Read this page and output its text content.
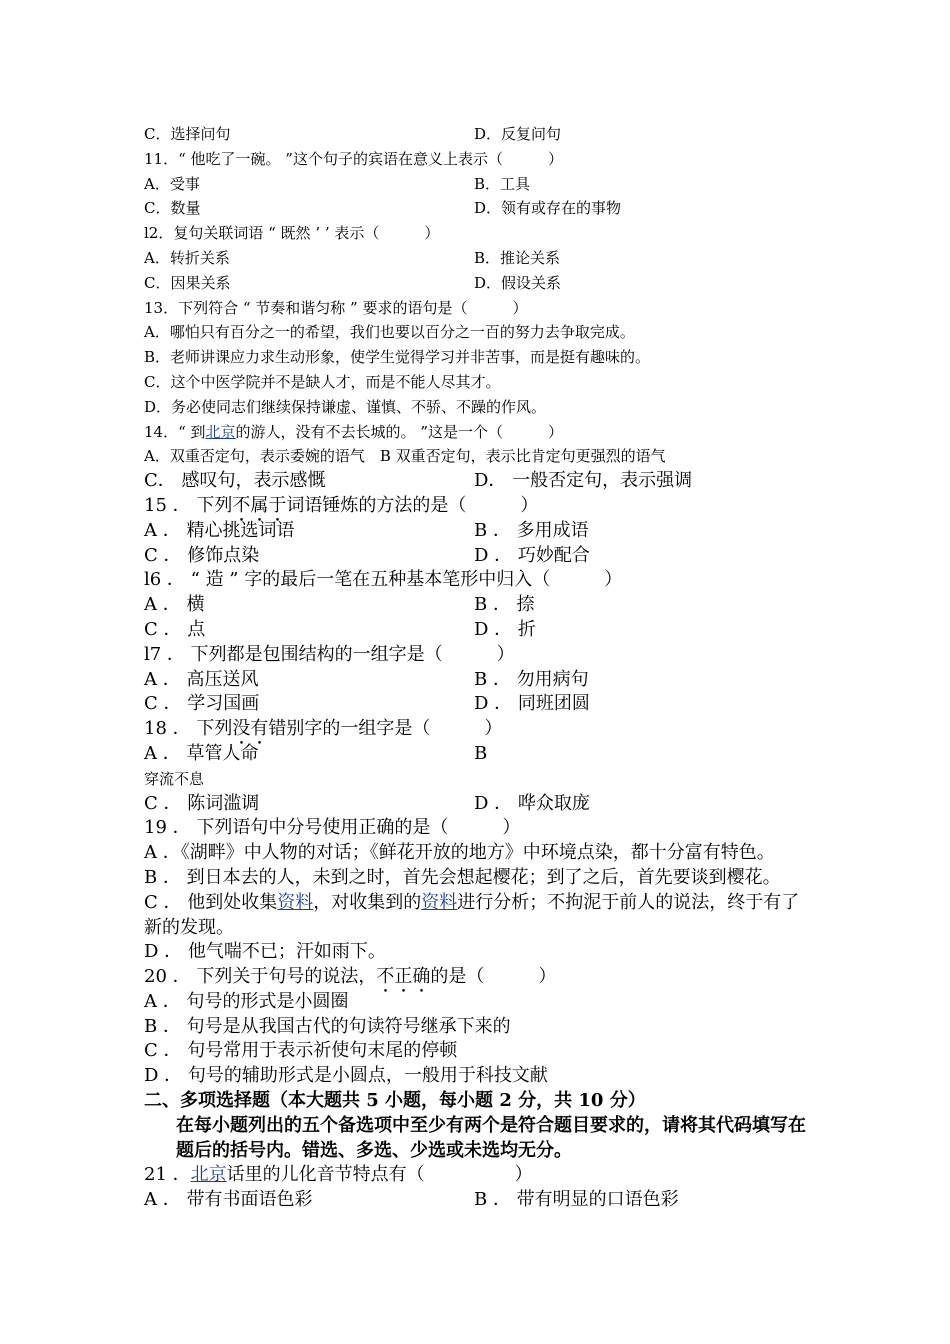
C．选择问句	D．反复问句
11．“ 他吃了一碗。 ”这个句子的宾语在意义上表示（　　　）
A．受事	B．工具
C．数量	D．领有或存在的事物
l2．复句关联词语 “ 既然 ’ ’ 表示（　　　）
A．转折关系	B．推论关系
C．因果关系	D．假设关系
13．下列符合 “ 节奏和谐匀称 ” 要求的语句是（　　　）
A．哪怕只有百分之一的希望，我们也要以百分之一百的努力去争取完成。
B．老师讲课应力求生动形象，使学生觉得学习并非苦事，而是挺有趣味的。
C．这个中医学院并不是缺人才，而是不能人尽其才。
D．务必使同志们继续保持谦虚、谨慎、不骄、不躁的作风。
14．“ 到 北京 的游人，没有不去长城的。 ”这是一个（　　　）
A．双重否定句，表示委婉的语气　B 双重否定句，表示比肯定句更强烈的语气
C． 感叹句，表示感慨	D． 一般否定句，表示强调
15 ． 下列 不属于 词语锤炼的方法的是（　　　）
A ． 精心挑选词语	B ． 多用成语
C ． 修饰点染	D ． 巧妙配合
l6 ． “ 造 ” 字的最后一笔在五种基本笔形中归入（　　　）
A ． 横	B ． 捺
C ． 点	D ． 折
l7 ． 下列都是包围结构的一组字是（　　　）
A ． 高压送风	B ． 勿用病句
C ． 学习国画	D ． 同班团圆
18 ． 下列 没有 错别字的一组字是（　　　）
A ． 草管人命	B
穿流不息
C ． 陈词滥调	D ． 哗众取庞
19 ． 下列语句中分号使用正确的是（　　　）
A ．《湖畔》中人物的对话；《鲜花开放的地方》中环境点染，都十分富有特色。
B ． 到日本去的人，未到之时，首先会想起樱花；到了之后，首先要谈到樱花。
C ． 他到处收集资料，对收集到的资料进行分析；不拘泥于前人的说法，终于有了新的发现。
D ． 他气喘不已；汗如雨下。
20 ． 下列关于句号的说法， 不正确 的是（　　　）
A ． 句号的形式是小圆圈
B ． 句号是从我国古代的句读符号继承下来的
C ． 句号常用于表示祈使句末尾的停顿
D ． 句号的辅助形式是小圆点，一般用于科技文献
二、多项选择题（本大题共 5 小题，每小题 2 分，共 10 分）
在每小题列出的五个备选项中至少有两个是符合题目要求的，请将其代码填写在题后的括号内。错选、多选、少选或未选均无分。
21 ． 北京 话里的儿化音节特点有（　　　　　）
A ． 带有书面语色彩	B ． 带有明显的口语色彩
